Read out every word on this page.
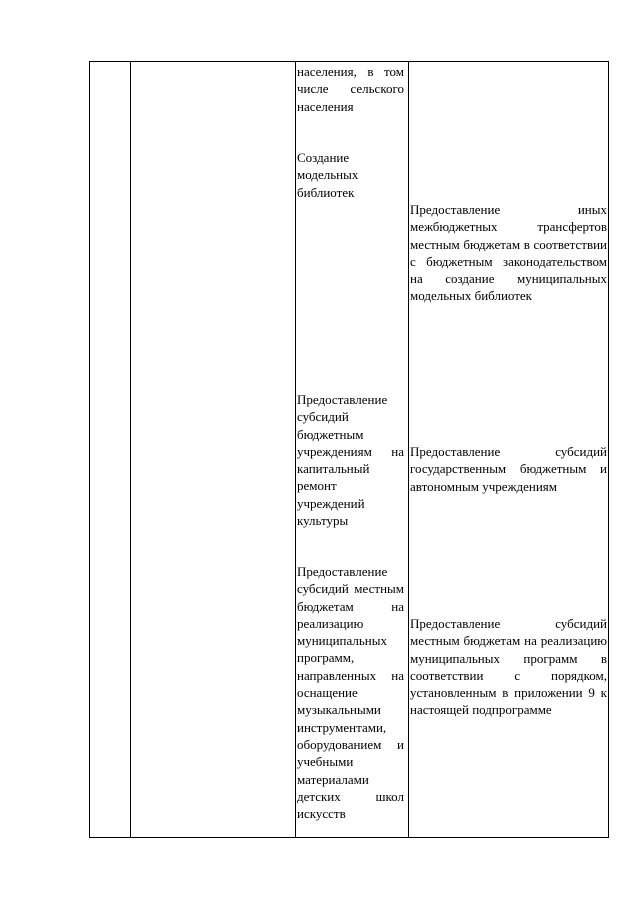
населения, в том числе сельского населения
Создание модельных библиотек
Предоставление субсидий бюджетным учреждениям на капитальный ремонт учреждений культуры
Предоставление субсидий местным бюджетам на реализацию муниципальных программ, направленных на оснащение музыкальными инструментами, оборудованием и учебными материалами детских школ искусств
Предоставление иных межбюджетных трансфертов местным бюджетам в соответствии с бюджетным законодательством на создание муниципальных модельных библиотек
Предоставление субсидий государственным бюджетным и автономным учреждениям
Предоставление субсидий местным бюджетам на реализацию муниципальных программ в соответствии с порядком, установленным в приложении 9 к настоящей подпрограмме
